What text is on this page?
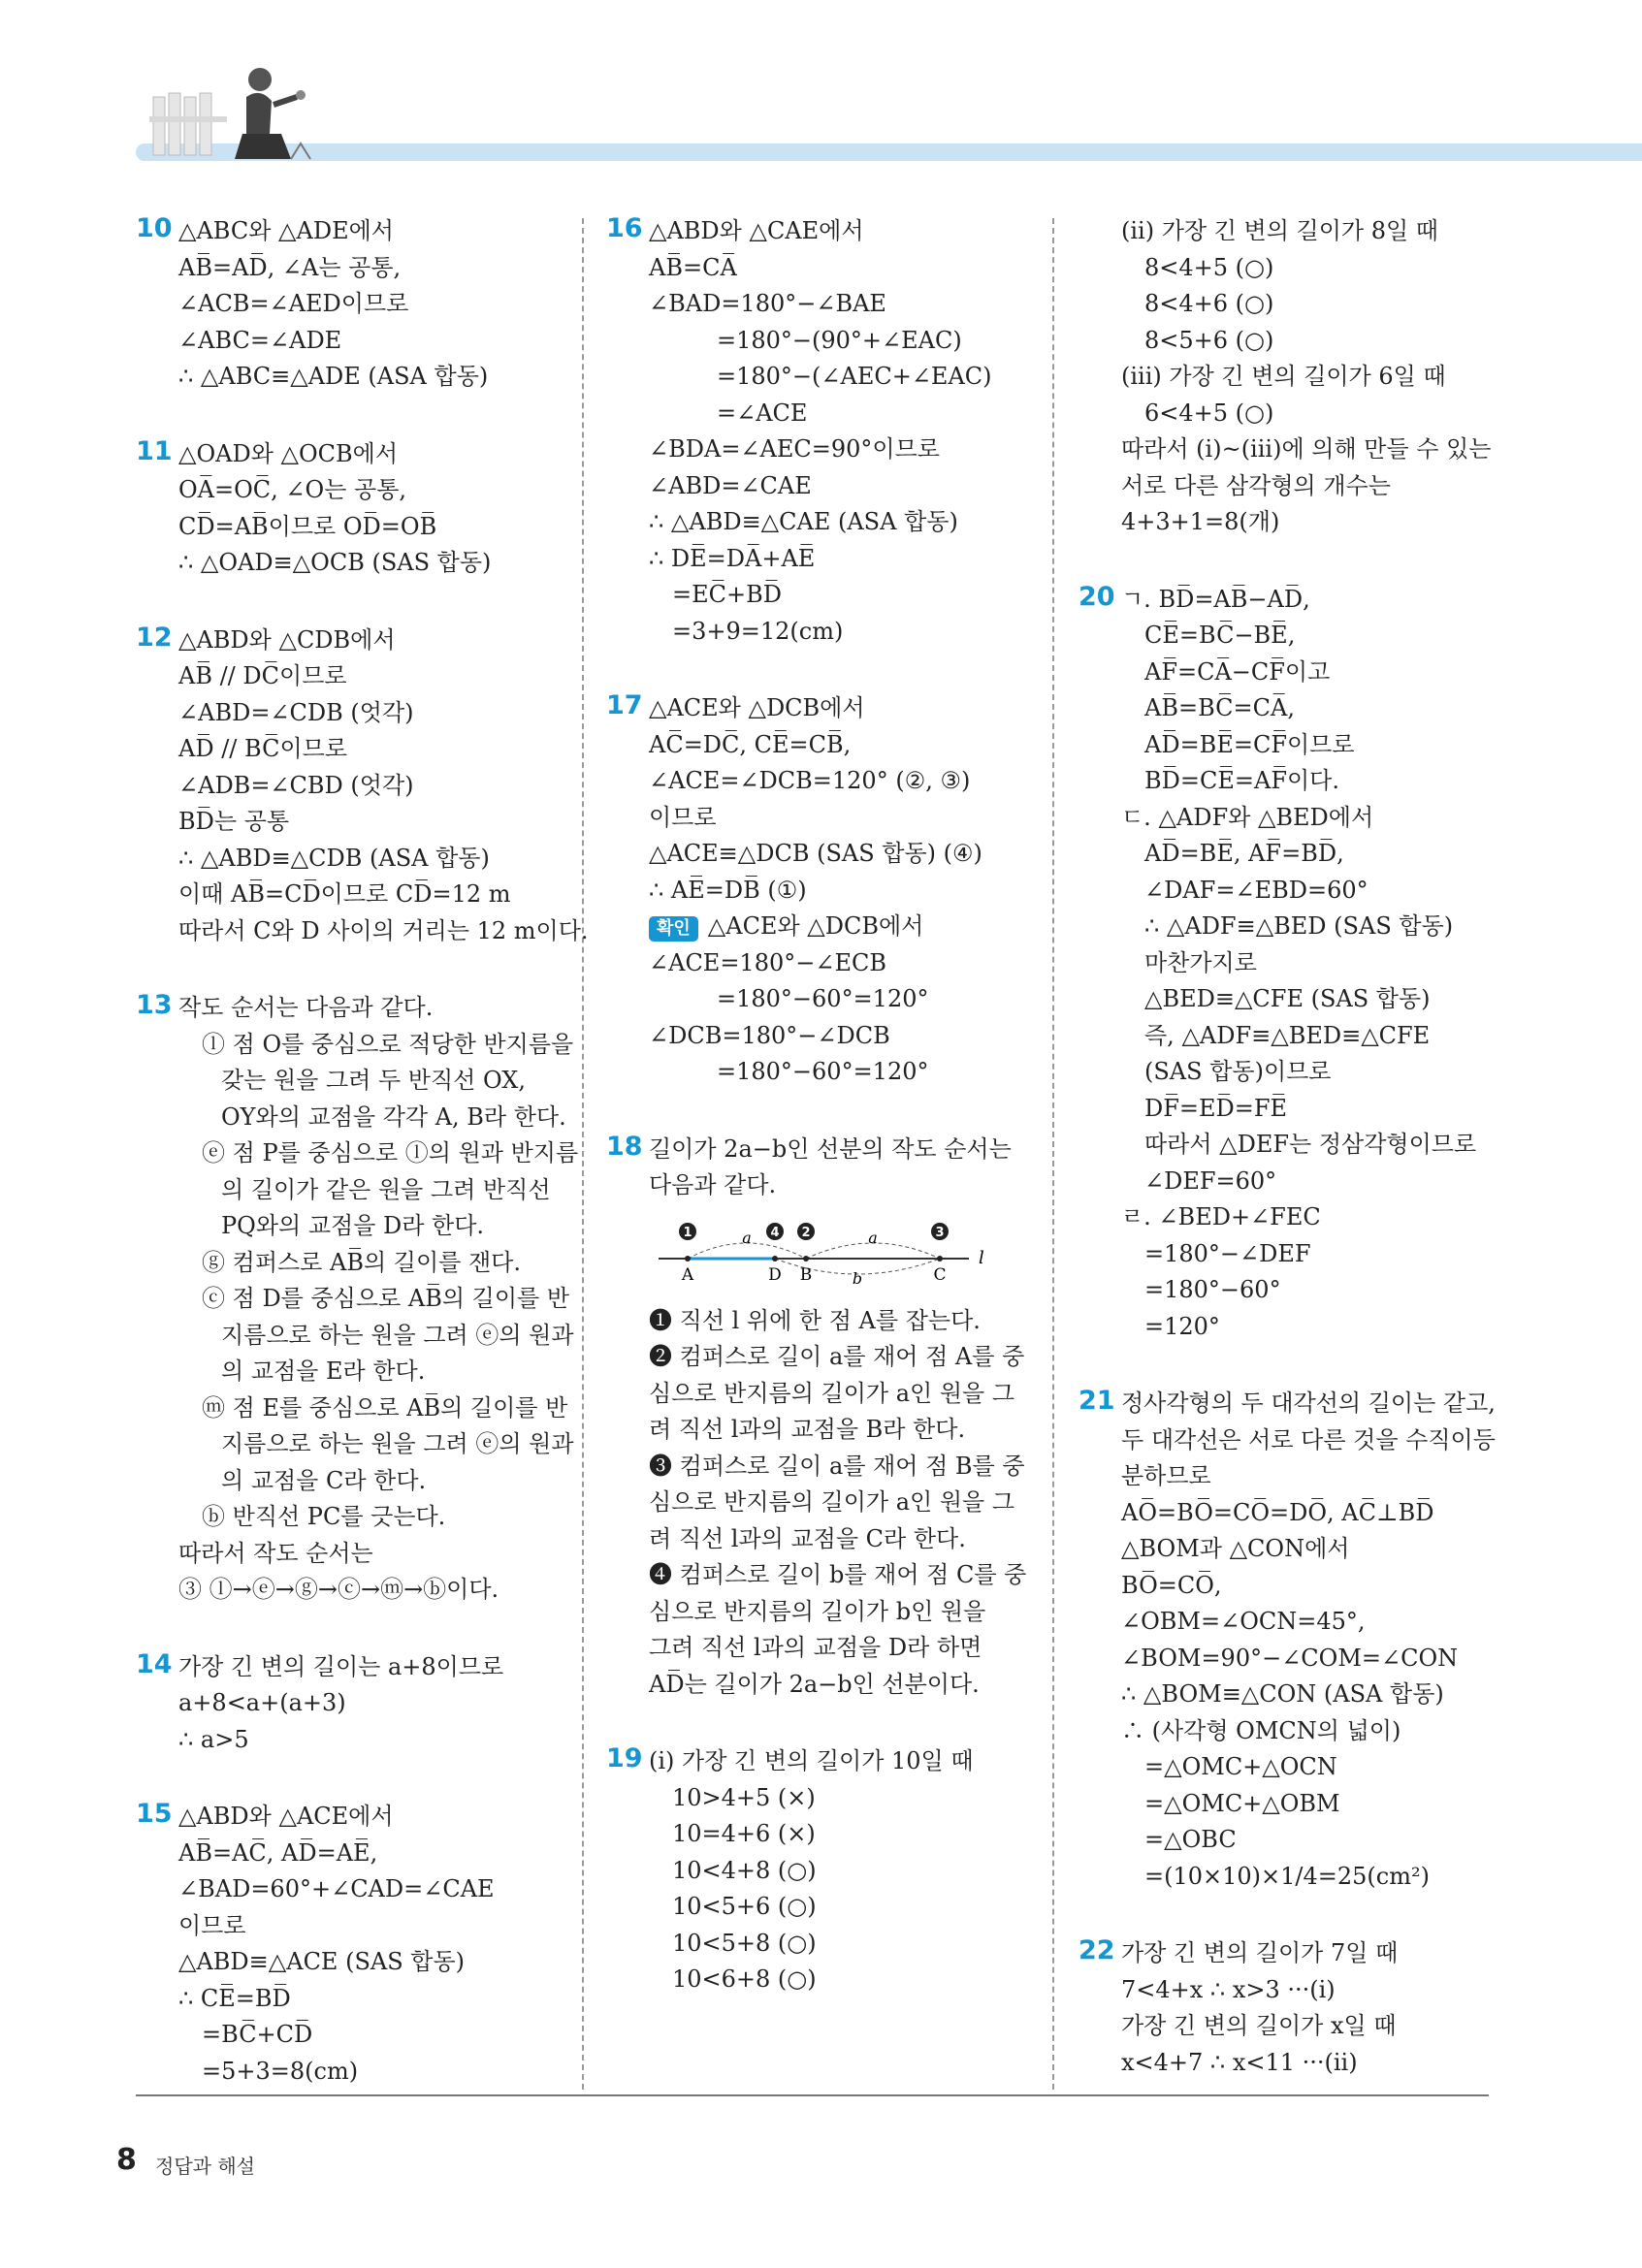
10 △ABC와 △ADE에서
AB̅=AD̅, ∠A는 공통,
∠ACB=∠AED이므로
∠ABC=∠ADE
∴ △ABC≡△ADE (ASA 합동)
11 △OAD와 △OCB에서
OA̅=OC̅, ∠O는 공통,
CD̅=AB̅이므로 OD̅=OB̅
∴ △OAD≡△OCB (SAS 합동)
12 △ABD와 △CDB에서
AB̅ // DC̅이므로
∠ABD=∠CDB (엇각)
AD̅ // BC̅이므로
∠ADB=∠CBD (엇각)
BD̅는 공통
∴ △ABD≡△CDB (ASA 합동)
이때 AB̅=CD̅이므로 CD̅=12 m
따라서 C와 D 사이의 거리는 12 m이다.
13 작도 순서는 다음과 같다.
ⓛ 점 O를 중심으로 적당한 반지름을
갖는 원을 그려 두 반직선 OX,
OY와의 교점을 각각 A, B라 한다.
ⓔ 점 P를 중심으로 ⓛ의 원과 반지름
의 길이가 같은 원을 그려 반직선
PQ와의 교점을 D라 한다.
ⓖ 컴퍼스로 AB̅의 길이를 잰다.
ⓒ 점 D를 중심으로 AB̅의 길이를 반
지름으로 하는 원을 그려 ⓔ의 원과
의 교점을 E라 한다.
ⓜ 점 E를 중심으로 AB̅의 길이를 반
지름으로 하는 원을 그려 ⓔ의 원과
의 교점을 C라 한다.
ⓑ 반직선 PC를 긋는다.
따라서 작도 순서는
③ ⓛ→ⓔ→ⓖ→ⓒ→ⓜ→ⓑ이다.
14 가장 긴 변의 길이는 a+8이므로
a+8<a+(a+3)
∴ a>5
15 △ABD와 △ACE에서
AB̅=AC̅, AD̅=AE̅,
∠BAD=60°+∠CAD=∠CAE
이므로
△ABD≡△ACE (SAS 합동)
∴ CE̅=BD̅
=BC̅+CD̅
=5+3=8(cm)
16 △ABD와 △CAE에서
AB̅=CA̅
∠BAD=180°−∠BAE
=180°−(90°+∠EAC)
=180°−(∠AEC+∠EAC)
=∠ACE
∠BDA=∠AEC=90°이므로
∠ABD=∠CAE
∴ △ABD≡△CAE (ASA 합동)
∴ DE̅=DA̅+AE̅
=EC̅+BD̅
=3+9=12(cm)
17 △ACE와 △DCB에서
AC̅=DC̅, CE̅=CB̅,
∠ACE=∠DCB=120° (②, ③)
이므로
△ACE≡△DCB (SAS 합동) (④)
∴ AE̅=DB̅ (①)
확인 △ACE와 △DCB에서
∠ACE=180°−∠ECB
=180°−60°=120°
∠DCB=180°−∠DCB
=180°−60°=120°
18 길이가 2a−b인 선분의 작도 순서는
다음과 같다.
a	a
b
A
1
D
4
B
2
C
3
l
❶ 직선 l 위에 한 점 A를 잡는다.
❷ 컴퍼스로 길이 a를 재어 점 A를 중
심으로 반지름의 길이가 a인 원을 그
려 직선 l과의 교점을 B라 한다.
❸ 컴퍼스로 길이 a를 재어 점 B를 중
심으로 반지름의 길이가 a인 원을 그
려 직선 l과의 교점을 C라 한다.
❹ 컴퍼스로 길이 b를 재어 점 C를 중
심으로 반지름의 길이가 b인 원을
그려 직선 l과의 교점을 D라 하면
AD̅는 길이가 2a−b인 선분이다.
19 (i) 가장 긴 변의 길이가 10일 때
10>4+5 (×)
10=4+6 (×)
10<4+8 (○)
10<5+6 (○)
10<5+8 (○)
10<6+8 (○)
(ii) 가장 긴 변의 길이가 8일 때
8<4+5 (○)
8<4+6 (○)
8<5+6 (○)
(iii) 가장 긴 변의 길이가 6일 때
6<4+5 (○)
따라서 (i)~(iii)에 의해 만들 수 있는
서로 다른 삼각형의 개수는
4+3+1=8(개)
20 ㄱ. BD̅=AB̅−AD̅,
CE̅=BC̅−BE̅,
AF̅=CA̅−CF̅이고
AB̅=BC̅=CA̅,
AD̅=BE̅=CF̅이므로
BD̅=CE̅=AF̅이다.
ㄷ. △ADF와 △BED에서
AD̅=BE̅, AF̅=BD̅,
∠DAF=∠EBD=60°
∴ △ADF≡△BED (SAS 합동)
마찬가지로
△BED≡△CFE (SAS 합동)
즉, △ADF≡△BED≡△CFE
(SAS 합동)이므로
DF̅=ED̅=FE̅
따라서 △DEF는 정삼각형이므로
∠DEF=60°
ㄹ. ∠BED+∠FEC
=180°−∠DEF
=180°−60°
=120°
21 정사각형의 두 대각선의 길이는 같고,
두 대각선은 서로 다른 것을 수직이등
분하므로
AO̅=BO̅=CO̅=DO̅, AC̅⊥BD̅
△BOM과 △CON에서
BO̅=CO̅,
∠OBM=∠OCN=45°,
∠BOM=90°−∠COM=∠CON
∴ △BOM≡△CON (ASA 합동)
∴ (사각형 OMCN의 넓이)
=△OMC+△OCN
=△OMC+△OBM
=△OBC
=(10×10)×1/4=25(cm²)
22 가장 긴 변의 길이가 7일 때
7<4+x ∴ x>3 ···(i)
가장 긴 변의 길이가 x일 때
x<4+7 ∴ x<11 ···(ii)
8 정답과 해설
